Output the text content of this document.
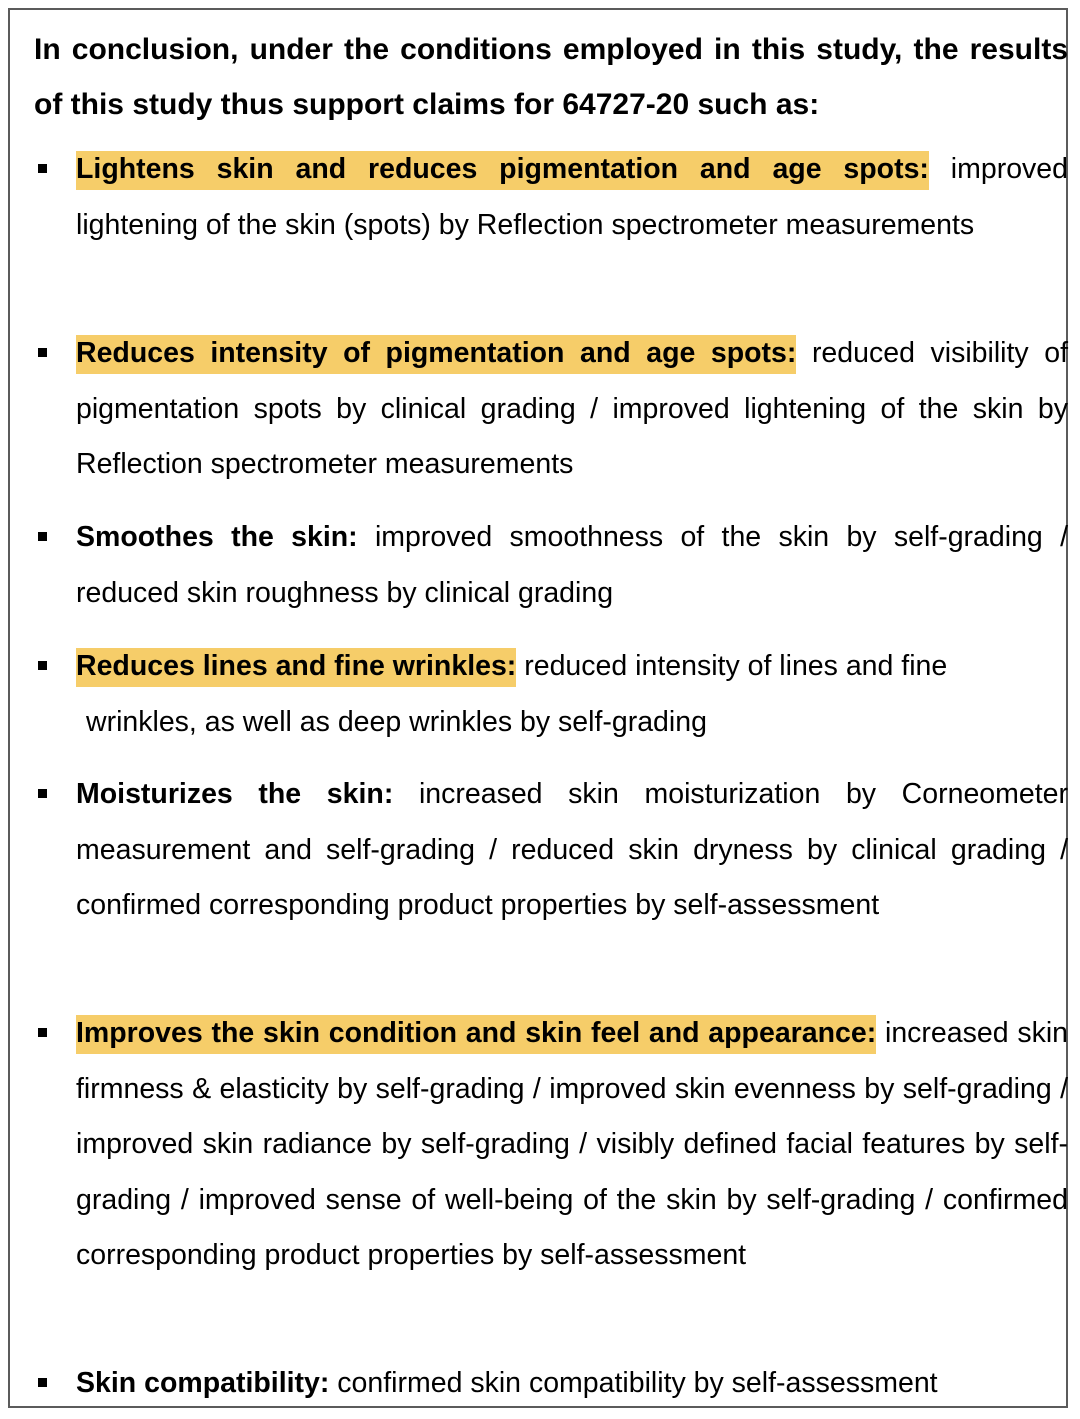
In conclusion, under the conditions employed in this study, the results of this study thus support claims for 64727-20 such as:

Lightens skin and reduces pigmentation and age spots: improved lightening of the skin (spots) by Reflection spectrometer measurements

Reduces intensity of pigmentation and age spots: reduced visibility of pigmentation spots by clinical grading / improved lightening of the skin by Reflection spectrometer measurements

Smoothes the skin: improved smoothness of the skin by self-grading / reduced skin roughness by clinical grading

Reduces lines and fine wrinkles: reduced intensity of lines and fine
wrinkles, as well as deep wrinkles by self-grading

Moisturizes the skin: increased skin moisturization by Corneometer measurement and self-grading / reduced skin dryness by clinical grading / confirmed corresponding product properties by self-assessment

Improves the skin condition and skin feel and appearance: increased skin firmness & elasticity by self-grading / improved skin evenness by self-grading / improved skin radiance by self-grading / visibly defined facial features by self-grading / improved sense of well-being of the skin by self-grading / confirmed corresponding product properties by self-assessment

Skin compatibility: confirmed skin compatibility by self-assessment
